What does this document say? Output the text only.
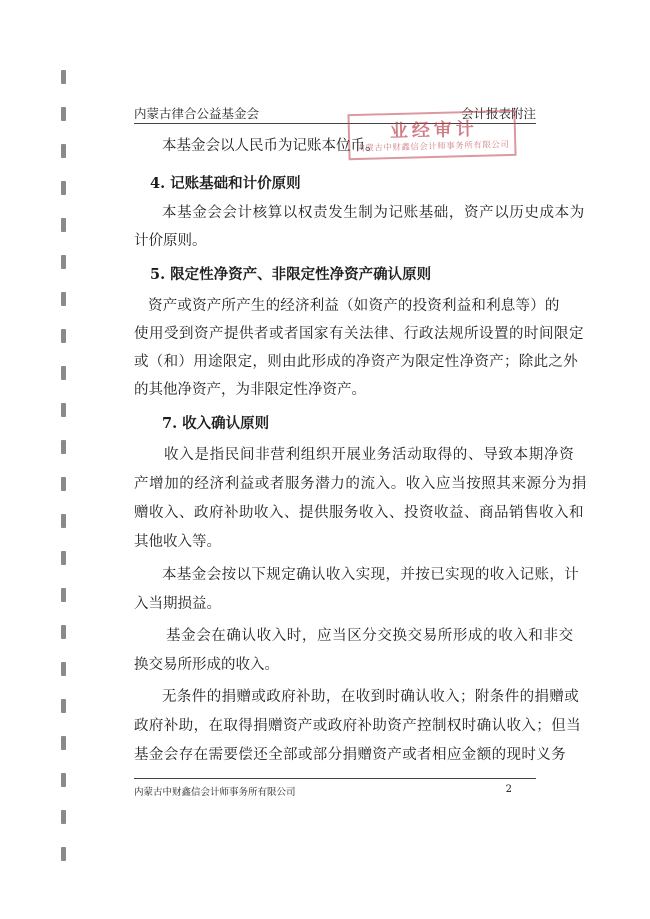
内蒙古律合公益基金会	会计报表附注
业经审计
内蒙古中财鑫信会计师事务所有限公司
本基金会以人民币为记账本位币。
4. 记账基础和计价原则
本基金会会计核算以权责发生制为记账基础，资产以历史成本为
计价原则。
5. 限定性净资产、非限定性净资产确认原则
资产或资产所产生的经济利益（如资产的投资利益和利息等）的
使用受到资产提供者或者国家有关法律、行政法规所设置的时间限定
或（和）用途限定，则由此形成的净资产为限定性净资产；除此之外
的其他净资产，为非限定性净资产。
7. 收入确认原则
收入是指民间非营利组织开展业务活动取得的、导致本期净资
产增加的经济利益或者服务潜力的流入。收入应当按照其来源分为捐
赠收入、政府补助收入、提供服务收入、投资收益、商品销售收入和
其他收入等。
本基金会按以下规定确认收入实现，并按已实现的收入记账，计
入当期损益。
基金会在确认收入时，应当区分交换交易所形成的收入和非交
换交易所形成的收入。
无条件的捐赠或政府补助，在收到时确认收入；附条件的捐赠或
政府补助，在取得捐赠资产或政府补助资产控制权时确认收入；但当
基金会存在需要偿还全部或部分捐赠资产或者相应金额的现时义务
内蒙古中财鑫信会计师事务所有限公司	2
